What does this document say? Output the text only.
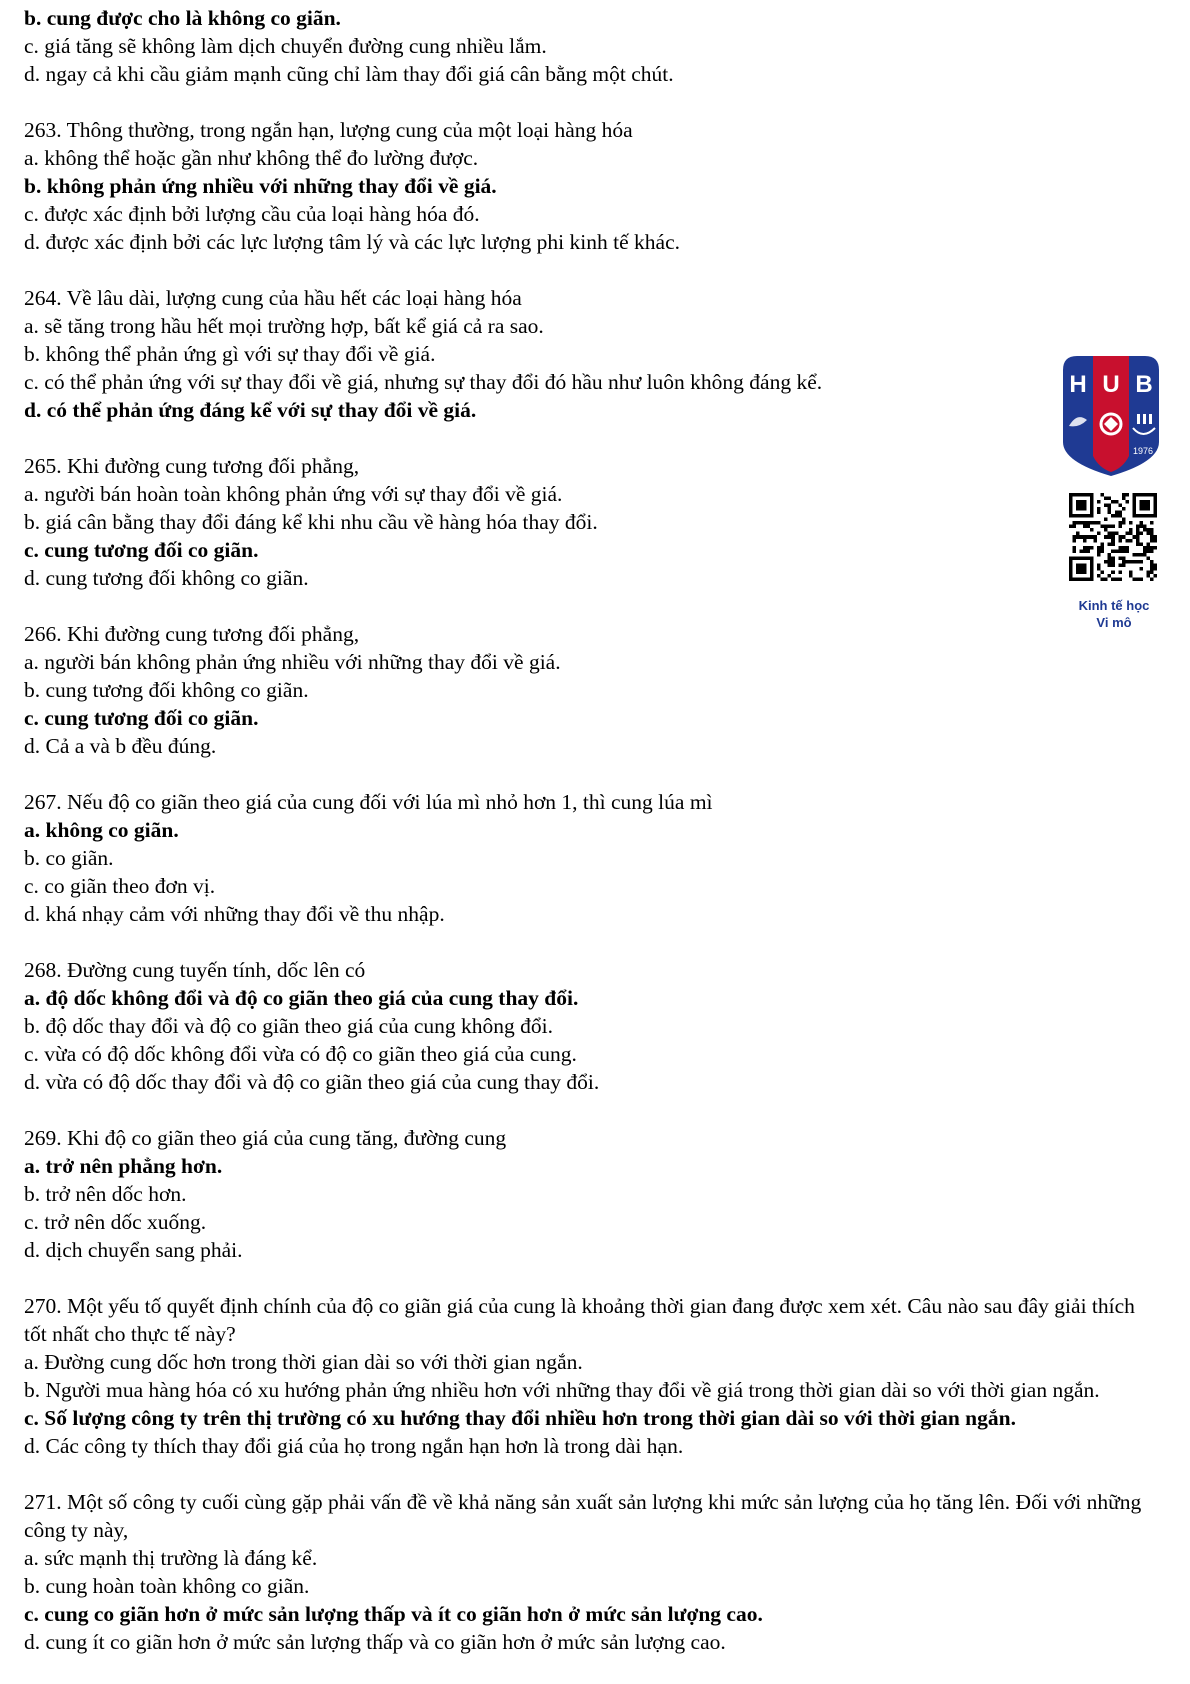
b. cung được cho là không co giãn.
c. giá tăng sẽ không làm dịch chuyển đường cung nhiều lắm.
d. ngay cả khi cầu giảm mạnh cũng chỉ làm thay đổi giá cân bằng một chút.
263. Thông thường, trong ngắn hạn, lượng cung của một loại hàng hóa
a. không thể hoặc gần như không thể đo lường được.
b. không phản ứng nhiều với những thay đổi về giá.
c. được xác định bởi lượng cầu của loại hàng hóa đó.
d. được xác định bởi các lực lượng tâm lý và các lực lượng phi kinh tế khác.
264. Về lâu dài, lượng cung của hầu hết các loại hàng hóa
a. sẽ tăng trong hầu hết mọi trường hợp, bất kể giá cả ra sao.
b. không thể phản ứng gì với sự thay đổi về giá.
c. có thể phản ứng với sự thay đổi về giá, nhưng sự thay đổi đó hầu như luôn không đáng kể.
d. có thể phản ứng đáng kể với sự thay đổi về giá.
265. Khi đường cung tương đối phẳng,
a. người bán hoàn toàn không phản ứng với sự thay đổi về giá.
b. giá cân bằng thay đổi đáng kể khi nhu cầu về hàng hóa thay đổi.
c. cung tương đối co giãn.
d. cung tương đối không co giãn.
266. Khi đường cung tương đối phẳng,
a. người bán không phản ứng nhiều với những thay đổi về giá.
b. cung tương đối không co giãn.
c. cung tương đối co giãn.
d. Cả a và b đều đúng.
267. Nếu độ co giãn theo giá của cung đối với lúa mì nhỏ hơn 1, thì cung lúa mì
a. không co giãn.
b. co giãn.
c. co giãn theo đơn vị.
d. khá nhạy cảm với những thay đổi về thu nhập.
268. Đường cung tuyến tính, dốc lên có
a. độ dốc không đổi và độ co giãn theo giá của cung thay đổi.
b. độ dốc thay đổi và độ co giãn theo giá của cung không đổi.
c. vừa có độ dốc không đổi vừa có độ co giãn theo giá của cung.
d. vừa có độ dốc thay đổi và độ co giãn theo giá của cung thay đổi.
269. Khi độ co giãn theo giá của cung tăng, đường cung
a. trở nên phẳng hơn.
b. trở nên dốc hơn.
c. trở nên dốc xuống.
d. dịch chuyển sang phải.
270. Một yếu tố quyết định chính của độ co giãn giá của cung là khoảng thời gian đang được xem xét. Câu nào sau đây giải thích tốt nhất cho thực tế này?
a. Đường cung dốc hơn trong thời gian dài so với thời gian ngắn.
b. Người mua hàng hóa có xu hướng phản ứng nhiều hơn với những thay đổi về giá trong thời gian dài so với thời gian ngắn.
c. Số lượng công ty trên thị trường có xu hướng thay đổi nhiều hơn trong thời gian dài so với thời gian ngắn.
d. Các công ty thích thay đổi giá của họ trong ngắn hạn hơn là trong dài hạn.
271. Một số công ty cuối cùng gặp phải vấn đề về khả năng sản xuất sản lượng khi mức sản lượng của họ tăng lên. Đối với những công ty này,
a. sức mạnh thị trường là đáng kể.
b. cung hoàn toàn không co giãn.
c. cung co giãn hơn ở mức sản lượng thấp và ít co giãn hơn ở mức sản lượng cao.
d. cung ít co giãn hơn ở mức sản lượng thấp và co giãn hơn ở mức sản lượng cao.
H U B
1976
Kinh tế học
Vi mô
